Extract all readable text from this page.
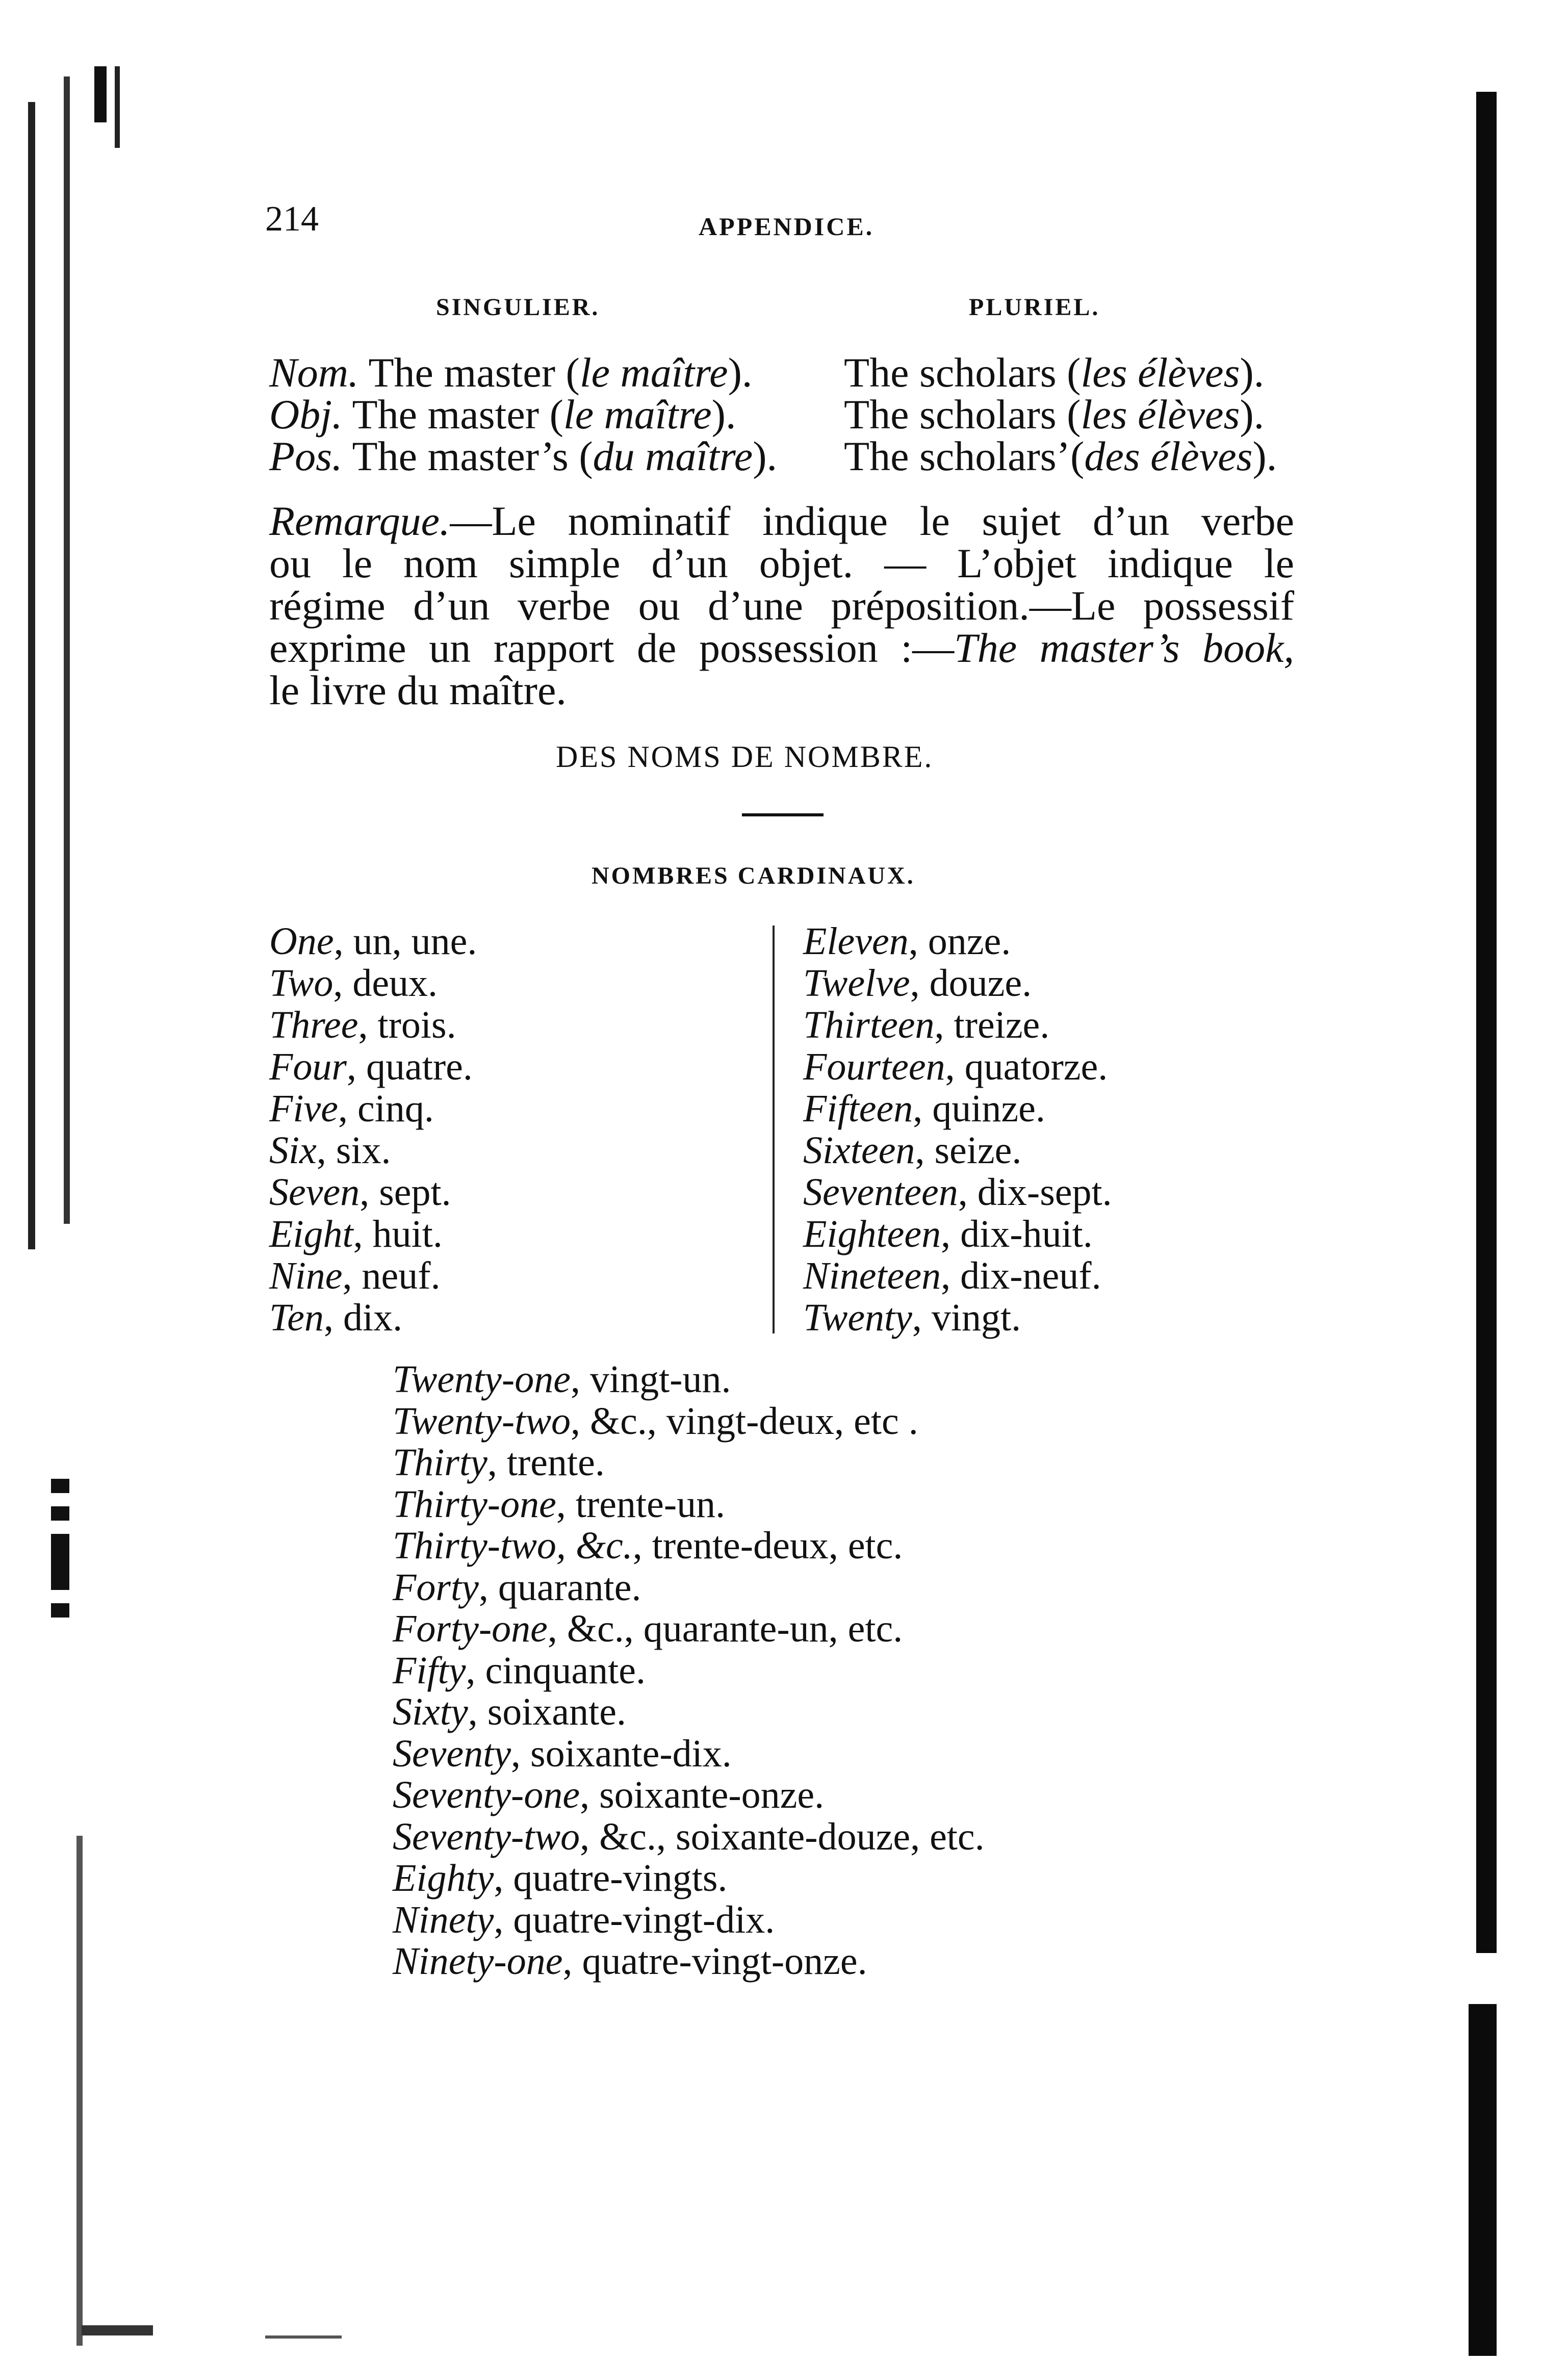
214	APPENDICE.
SINGULIER.	PLURIEL.
Nom. The master (le maître).
Obj. The master (le maître).
Pos. The master’s (du maître).
The scholars (les élèves).
The scholars (les élèves).
The scholars’(des élèves).
Remarque.—Le nominatif indique le sujet d’un verbe
ou le nom simple d’un objet. — L’objet indique le
régime d’un verbe ou d’une préposition.—Le possessif
exprime un rapport de possession :—The master’s book,
le livre du maître.
DES NOMS DE NOMBRE.
NOMBRES CARDINAUX.
One, un, une.
Two, deux.
Three, trois.
Four, quatre.
Five, cinq.
Six, six.
Seven, sept.
Eight, huit.
Nine, neuf.
Ten, dix.
Eleven, onze.
Twelve, douze.
Thirteen, treize.
Fourteen, quatorze.
Fifteen, quinze.
Sixteen, seize.
Seventeen, dix-sept.
Eighteen, dix-huit.
Nineteen, dix-neuf.
Twenty, vingt.
Twenty-one, vingt-un.
Twenty-two, &c., vingt-deux, etc .
Thirty, trente.
Thirty-one, trente-un.
Thirty-two, &c., trente-deux, etc.
Forty, quarante.
Forty-one, &c., quarante-un, etc.
Fifty, cinquante.
Sixty, soixante.
Seventy, soixante-dix.
Seventy-one, soixante-onze.
Seventy-two, &c., soixante-douze, etc.
Eighty, quatre-vingts.
Ninety, quatre-vingt-dix.
Ninety-one, quatre-vingt-onze.
